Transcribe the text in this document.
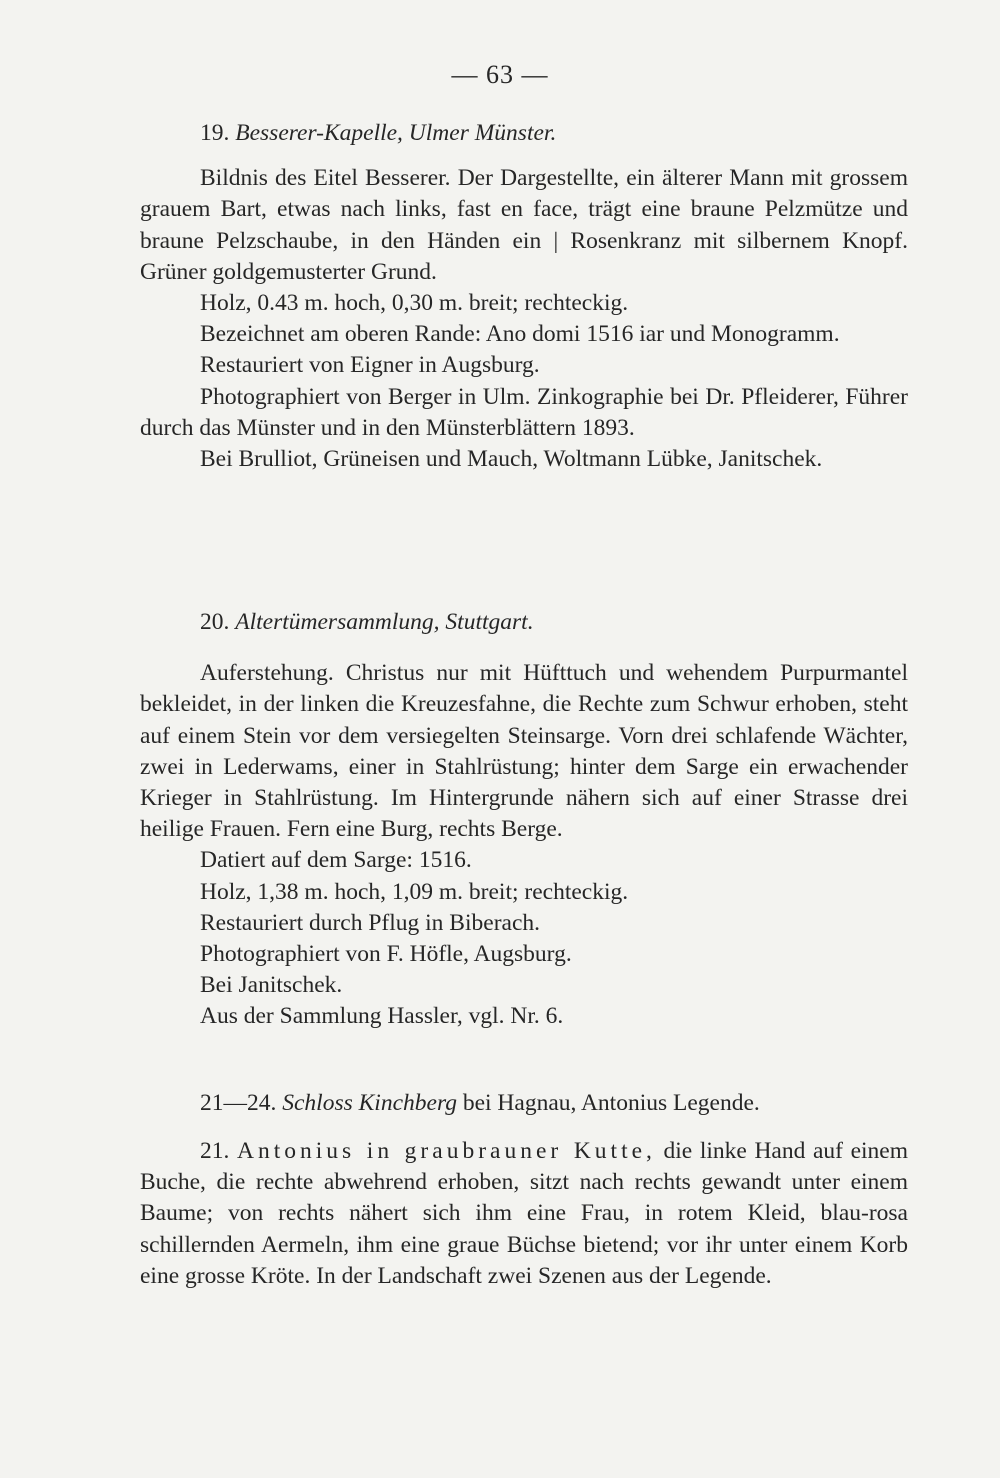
— 63 —

19. Besserer-Kapelle, Ulmer Münster.

Bildnis des Eitel Besserer. Der Dargestellte, ein älterer Mann mit grossem grauem Bart, etwas nach links, fast en face, trägt eine braune Pelzmütze und braune Pelzschaube, in den Händen ein | Rosenkranz mit silbernem Knopf. Grüner goldgemusterter Grund.

Holz, 0.43 m. hoch, 0,30 m. breit; rechteckig.

Bezeichnet am oberen Rande: Ano domi 1516 iar und Monogramm.

Restauriert von Eigner in Augsburg.

Photographiert von Berger in Ulm. Zinkographie bei Dr. Pfleiderer, Führer durch das Münster und in den Münsterblättern 1893.

Bei Brulliot, Grüneisen und Mauch, Woltmann Lübke, Janitschek.

20. Altertümersammlung, Stuttgart.

Auferstehung. Christus nur mit Hüfttuch und wehendem Purpurmantel bekleidet, in der linken die Kreuzesfahne, die Rechte zum Schwur erhoben, steht auf einem Stein vor dem versiegelten Steinsarge. Vorn drei schlafende Wächter, zwei in Lederwams, einer in Stahlrüstung; hinter dem Sarge ein erwachender Krieger in Stahlrüstung. Im Hintergrunde nähern sich auf einer Strasse drei heilige Frauen. Fern eine Burg, rechts Berge.

Datiert auf dem Sarge: 1516.

Holz, 1,38 m. hoch, 1,09 m. breit; rechteckig.

Restauriert durch Pflug in Biberach.

Photographiert von F. Höfle, Augsburg.

Bei Janitschek.

Aus der Sammlung Hassler, vgl. Nr. 6.

21—24. Schloss Kinchberg bei Hagnau, Antonius Legende.

21. Antonius in graubrauner Kutte, die linke Hand auf einem Buche, die rechte abwehrend erhoben, sitzt nach rechts gewandt unter einem Baume; von rechts nähert sich ihm eine Frau, in rotem Kleid, blau-rosa schillernden Aermeln, ihm eine graue Büchse bietend; vor ihr unter einem Korb eine grosse Kröte. In der Landschaft zwei Szenen aus der Legende.
